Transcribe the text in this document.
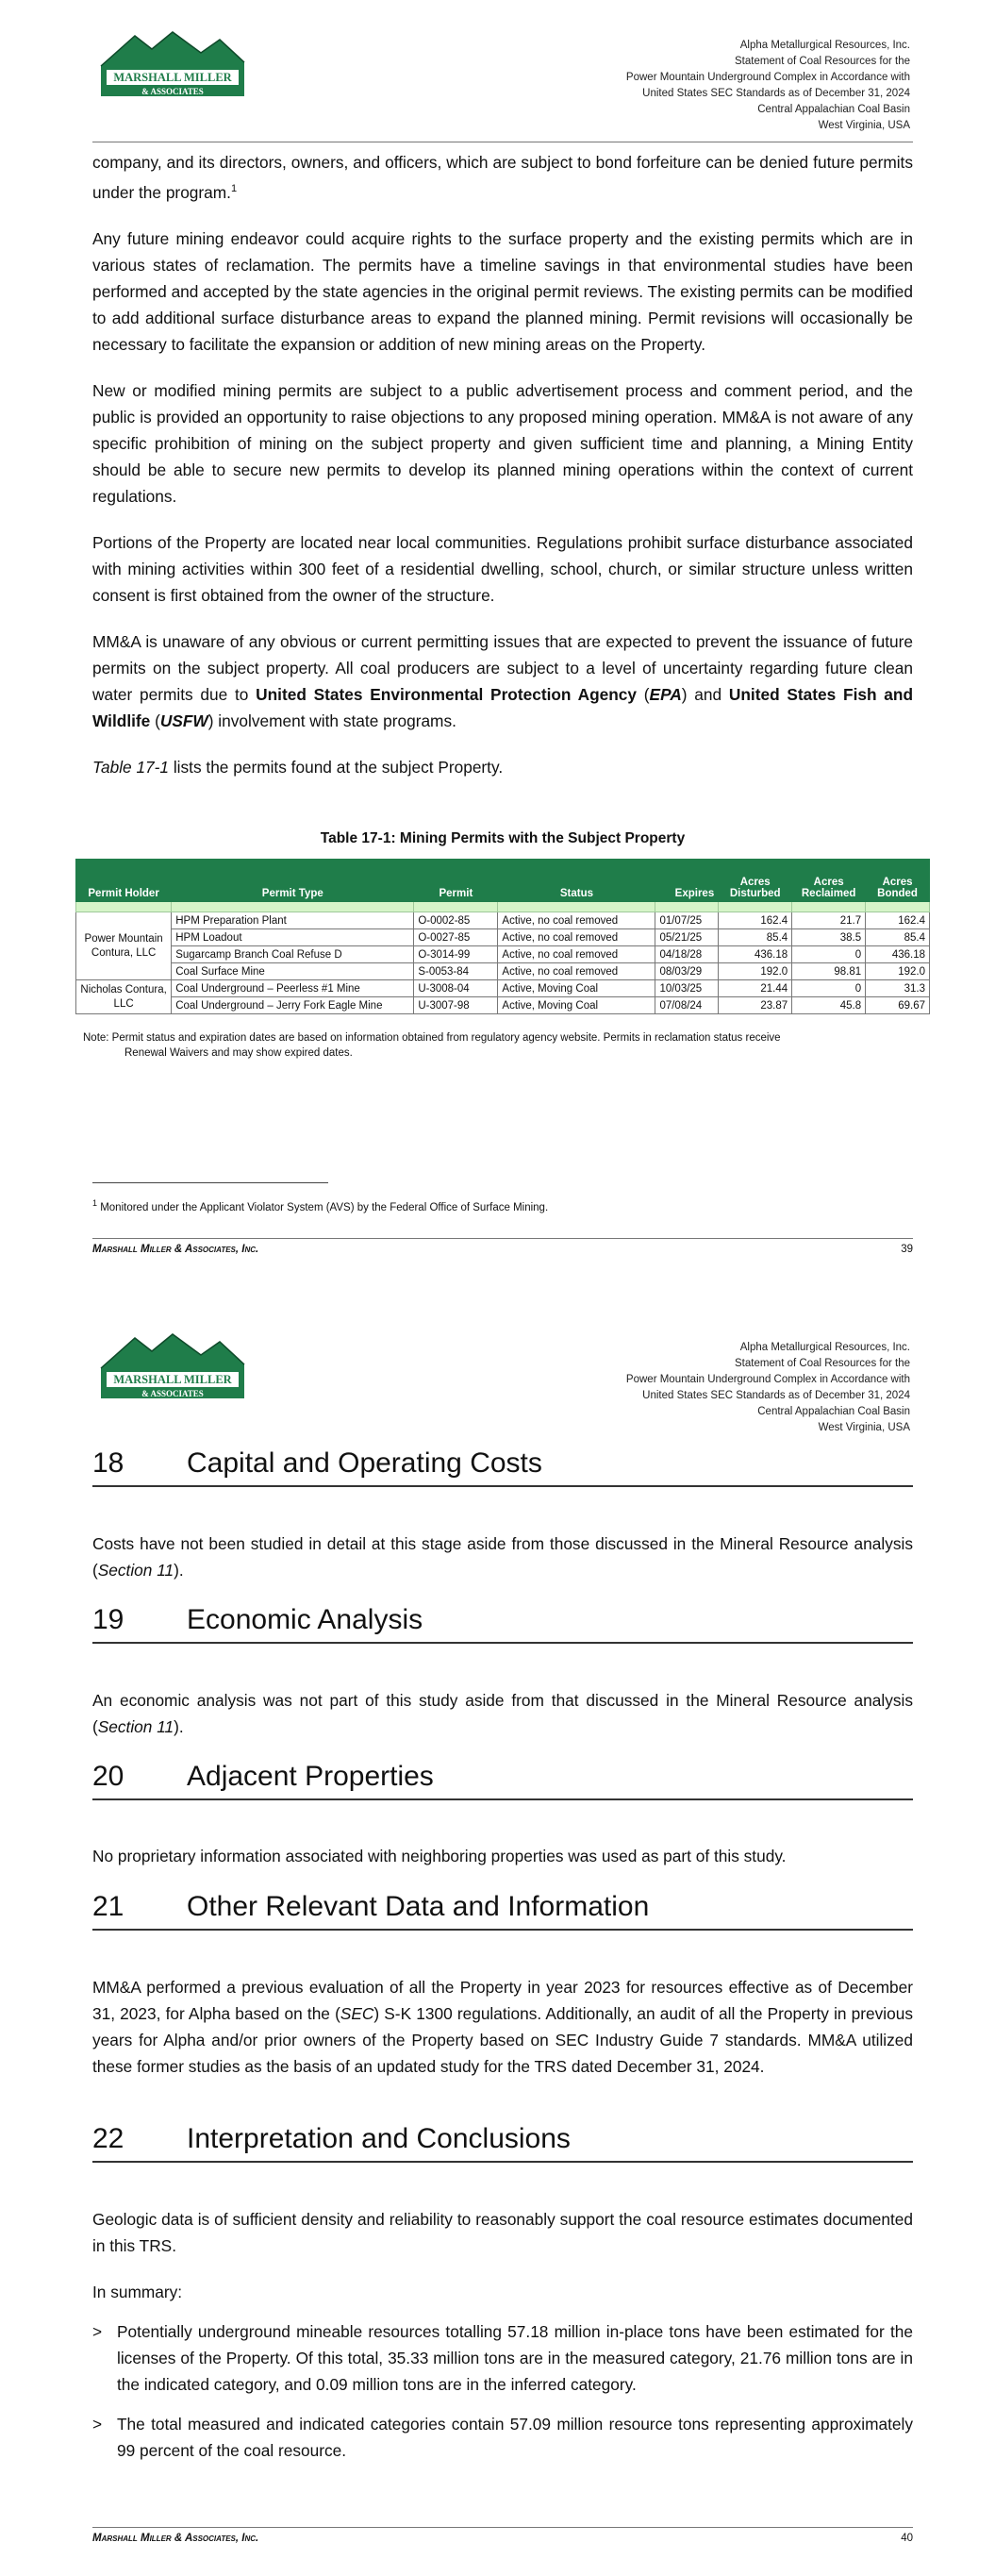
MARSHALL MILLER
& ASSOCIATES
Alpha Metallurgical Resources, Inc.
Statement of Coal Resources for the
Power Mountain Underground Complex in Accordance with
United States SEC Standards as of December 31, 2024
Central Appalachian Coal Basin
West Virginia, USA

company, and its directors, owners, and officers, which are subject to bond forfeiture can be denied future permits under the program.$^1$

Any future mining endeavor could acquire rights to the surface property and the existing permits which are in various states of reclamation. The permits have a timeline savings in that environmental studies have been performed and accepted by the state agencies in the original permit reviews. The existing permits can be modified to add additional surface disturbance areas to expand the planned mining. Permit revisions will occasionally be necessary to facilitate the expansion or addition of new mining areas on the Property.

New or modified mining permits are subject to a public advertisement process and comment period, and the public is provided an opportunity to raise objections to any proposed mining operation. MM&A is not aware of any specific prohibition of mining on the subject property and given sufficient time and planning, a Mining Entity should be able to secure new permits to develop its planned mining operations within the context of current regulations.

Portions of the Property are located near local communities. Regulations prohibit surface disturbance associated with mining activities within 300 feet of a residential dwelling, school, church, or similar structure unless written consent is first obtained from the owner of the structure.

MM&A is unaware of any obvious or current permitting issues that are expected to prevent the issuance of future permits on the subject property. All coal producers are subject to a level of uncertainty regarding future clean water permits due to United States Environmental Protection Agency (EPA) and United States Fish and Wildlife (USFW) involvement with state programs.

Table 17-1 lists the permits found at the subject Property.

Table 17-1: Mining Permits with the Subject Property
Permit Holder	Permit Type	Permit	Status	Expires	Acres Disturbed	Acres Reclaimed	Acres Bonded

Power Mountain Contura, LLC	HPM Preparation Plant	O-0002-85	Active, no coal removed	01/07/25	162.4	21.7	162.4
	HPM Loadout	O-0027-85	Active, no coal removed	05/21/25	85.4	38.5	85.4
	Sugarcamp Branch Coal Refuse D	O-3014-99	Active, no coal removed	04/18/28	436.18	0	436.18
	Coal Surface Mine	S-0053-84	Active, no coal removed	08/03/29	192.0	98.81	192.0
Nicholas Contura, LLC	Coal Underground – Peerless #1 Mine	U-3008-04	Active, Moving Coal	10/03/25	21.44	0	31.3
	Coal Underground – Jerry Fork Eagle Mine	U-3007-98	Active, Moving Coal	07/08/24	23.87	45.8	69.67
Note: Permit status and expiration dates are based on information obtained from regulatory agency website. Permits in reclamation status receive
Renewal Waivers and may show expired dates.
$^1$ Monitored under the Applicant Violator System (AVS) by the Federal Office of Surface Mining.
Marshall Miller & Associates, Inc.	39
MARSHALL MILLER
& ASSOCIATES
Alpha Metallurgical Resources, Inc.
Statement of Coal Resources for the
Power Mountain Underground Complex in Accordance with
United States SEC Standards as of December 31, 2024
Central Appalachian Coal Basin
West Virginia, USA
18 Capital and Operating Costs

Costs have not been studied in detail at this stage aside from those discussed in the Mineral Resource analysis (Section 11).

19 Economic Analysis

An economic analysis was not part of this study aside from that discussed in the Mineral Resource analysis (Section 11).

20 Adjacent Properties

No proprietary information associated with neighboring properties was used as part of this study.

21 Other Relevant Data and Information

MM&A performed a previous evaluation of all the Property in year 2023 for resources effective as of December 31, 2023, for Alpha based on the (SEC) S-K 1300 regulations. Additionally, an audit of all the Property in previous years for Alpha and/or prior owners of the Property based on SEC Industry Guide 7 standards. MM&A utilized these former studies as the basis of an updated study for the TRS dated December 31, 2024.

22 Interpretation and Conclusions

Geologic data is of sufficient density and reliability to reasonably support the coal resource estimates documented in this TRS.

In summary:

> Potentially underground mineable resources totalling 57.18 million in-place tons have been estimated for the licenses of the Property. Of this total, 35.33 million tons are in the measured category, 21.76 million tons are in the indicated category, and 0.09 million tons are in the inferred category.
> The total measured and indicated categories contain 57.09 million resource tons representing approximately 99 percent of the coal resource.
Marshall Miller & Associates, Inc.	40
